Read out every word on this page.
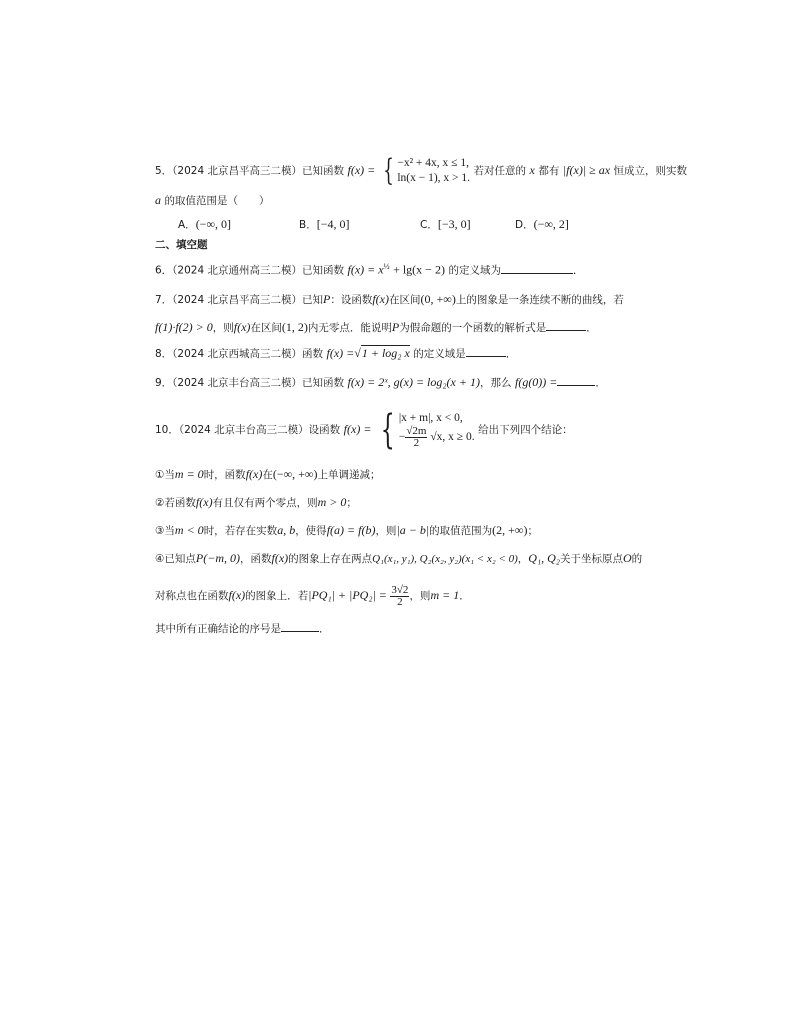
5．（2024 北京昌平高三二模）已知函数 f(x) = { −x² + 4x, x ≤ 1,
ln(x − 1), x > 1.
若对任意的 x 都有 |f(x)| ≥ ax 恒成立，则实数
a 的取值范围是（　　）
A．(−∞, 0]	B．[−4, 0]	C．[−3, 0]	D．(−∞, 2]
二、填空题
6．（2024 北京通州高三二模）已知函数 $f(x) = x^{\frac{1}{2}} + \lg(x - 2)$ 的定义域为	．
7．（2024 北京昌平高三二模）已知P：设函数f(x)在区间(0, +∞)上的图象是一条连续不断的曲线，若
f(1)·f(2) > 0，则f(x)在区间(1, 2)内无零点．能说明P为假命题的一个函数的解析式是	．
8．（2024 北京西城高三二模）函数 f(x) =√1 + log₂ x 的定义域是	．
9．（2024 北京丰台高三二模）已知函数 f(x) = 2ˣ, g(x) = log₂(x + 1)，那么 f(g(0)) =	．
10．（2024 北京丰台高三二模）设函数 f(x) = { |x + m|, x < 0,
− $\frac{√2m}{2} √x$, x ≥ 0.
给出下列四个结论：
①当m = 0时，函数f(x)在(−∞, +∞)上单调递减；
②若函数f(x)有且仅有两个零点，则m > 0；
③当m < 0时，若存在实数a, b，使得f(a) = f(b)，则|a − b|的取值范围为(2, +∞)；
④已知点P(−m, 0)，函数f(x)的图象上存在两点Q₁(x₁, y₁), Q₂(x₂, y₂)(x₁ < x₂ < 0)，Q₁, Q₂关于坐标原点O的
对称点也在函数f(x)的图象上．若$|PQ_1| + |PQ_2| = \frac{3√2}{2}$ ，则m = 1．
其中所有正确结论的序号是	．
